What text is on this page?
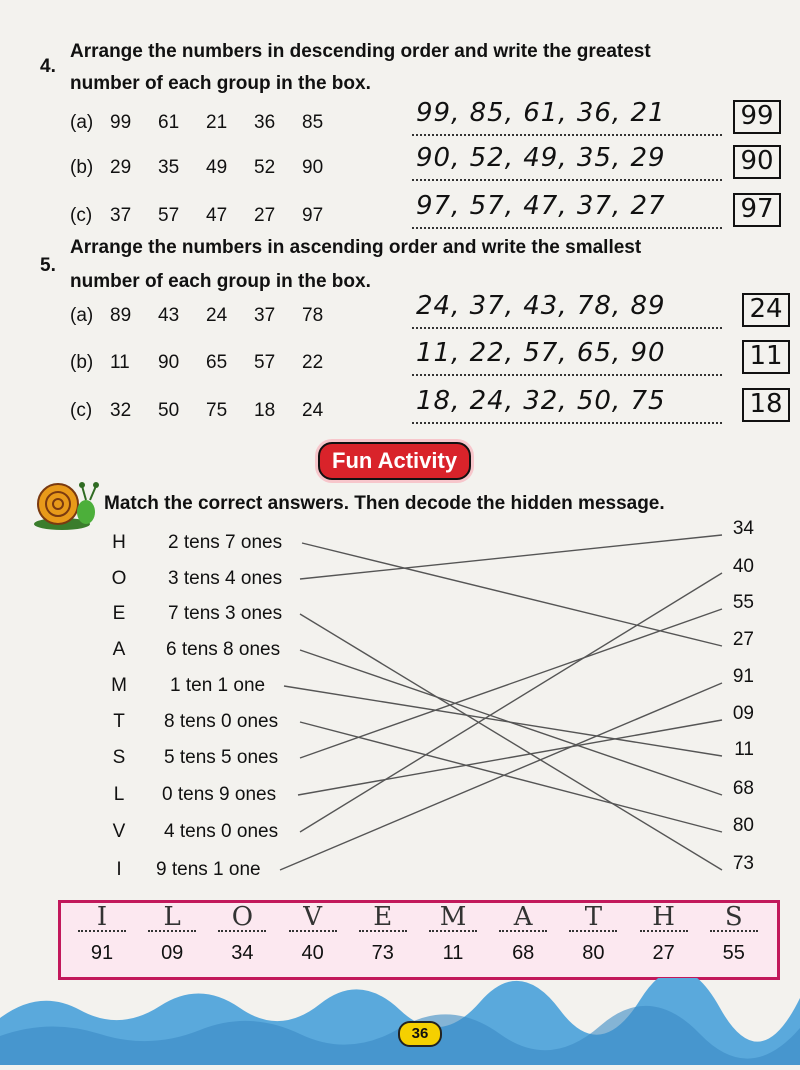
4.
Arrange the numbers in descending order and write the greatest
number of each group in the box.
(a) 99 61 21 36 85	99, 85, 61, 36, 21	99
(b) 29 35 49 52 90	90, 52, 49, 35, 29	90
(c) 37 57 47 27 97	97, 57, 47, 37, 27	97
5.
Arrange the numbers in ascending order and write the smallest
number of each group in the box.
(a) 89 43 24 37 78	24, 37, 43, 78, 89	24
(b) 11 90 65 57 22	11, 22, 57, 65, 90	11
(c) 32 50 75 18 24	18, 24, 32, 50, 75	18
Fun Activity
Match the correct answers. Then decode the hidden message.
H	2 tens 7 ones
O	3 tens 4 ones
E	7 tens 3 ones
A	6 tens 8 ones
M	1 ten 1 one
T	8 tens 0 ones
S	5 tens 5 ones
L	0 tens 9 ones
V	4 tens 0 ones
I	9 tens 1 one
34
40
55
27
91
09
11
68
80
73
I
91
L
09
O
34
V
40
E
73
M
11
A
68
T
80
H
27
S
55
36
